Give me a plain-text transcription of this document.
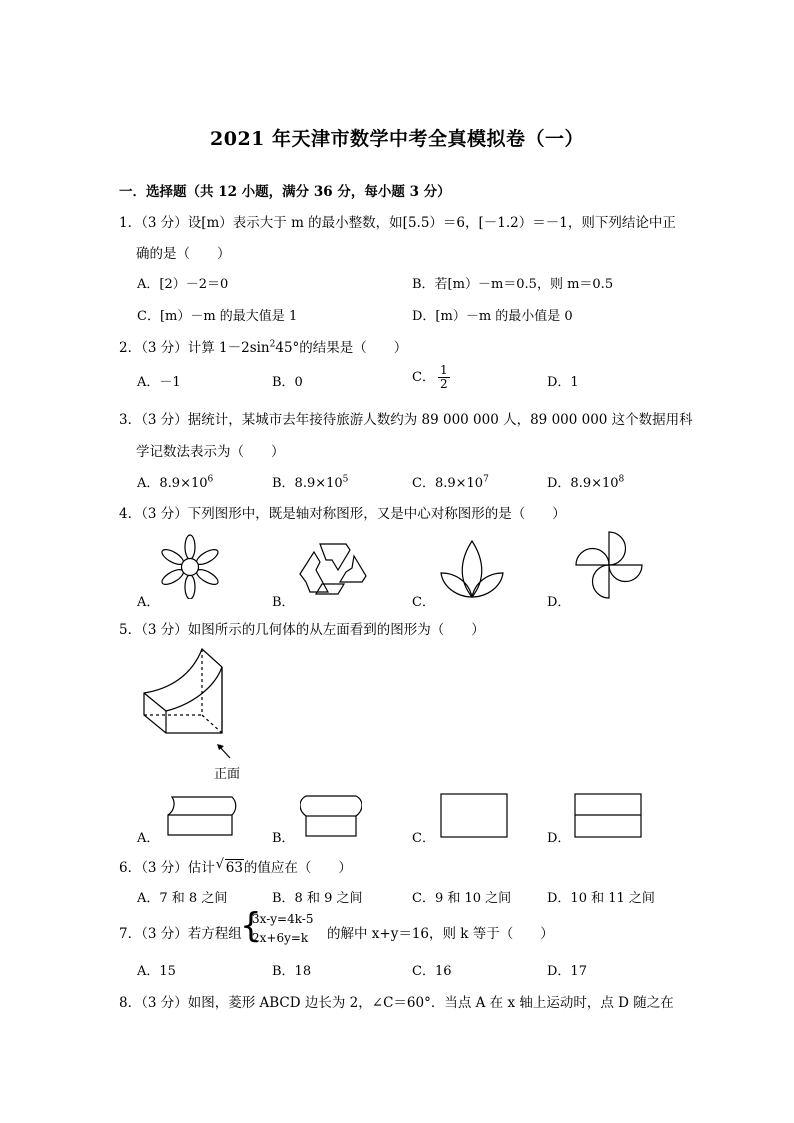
2021 年天津市数学中考全真模拟卷（一）
一．选择题（共 12 小题，满分 36 分，每小题 3 分）
1．（3 分）设[m）表示大于 m 的最小整数，如[5.5）＝6，[－1.2）＝－1，则下列结论中正
确的是（　　）
A．[2）－2＝0	B．若[m）－m＝0.5，则 m＝0.5
C．[m）－m 的最大值是 1	D．[m）－m 的最小值是 0
2．（3 分）计算 $1-2\sin^245^\circ$的结果是（　　）
A．－1	B．0	C． $\frac{1}{2}$	D．1
3．（3 分）据统计，某城市去年接待旅游人数约为 89 000 000 人，89 000 000 这个数据用科
学记数法表示为（　　）
A．$8.9\times 10^6$	B．$8.9\times 10^5$	C．$8.9\times 10^7$	D．$8.9\times 10^8$
4．（3 分）下列图形中，既是轴对称图形，又是中心对称图形的是（　　）
A．	B．	C．	D．
5．（3 分）如图所示的几何体的从左面看到的图形为（　　）
正面
A．	B．	C．	D．
6．（3 分）估计√ 63的值应在（　　）
A．7 和 8 之间	B．8 和 9 之间	C．9 和 10 之间	D．10 和 11 之间
7．（3 分）若方程组
{
3x-y=4k-5
2x+6y=k	的解中 x+y＝16，则 k 等于（　　）
A．15	B．18	C．16	D．17
8．（3 分）如图，菱形 ABCD 边长为 2，∠C＝60°．当点 A 在 x 轴上运动时，点 D 随之在
